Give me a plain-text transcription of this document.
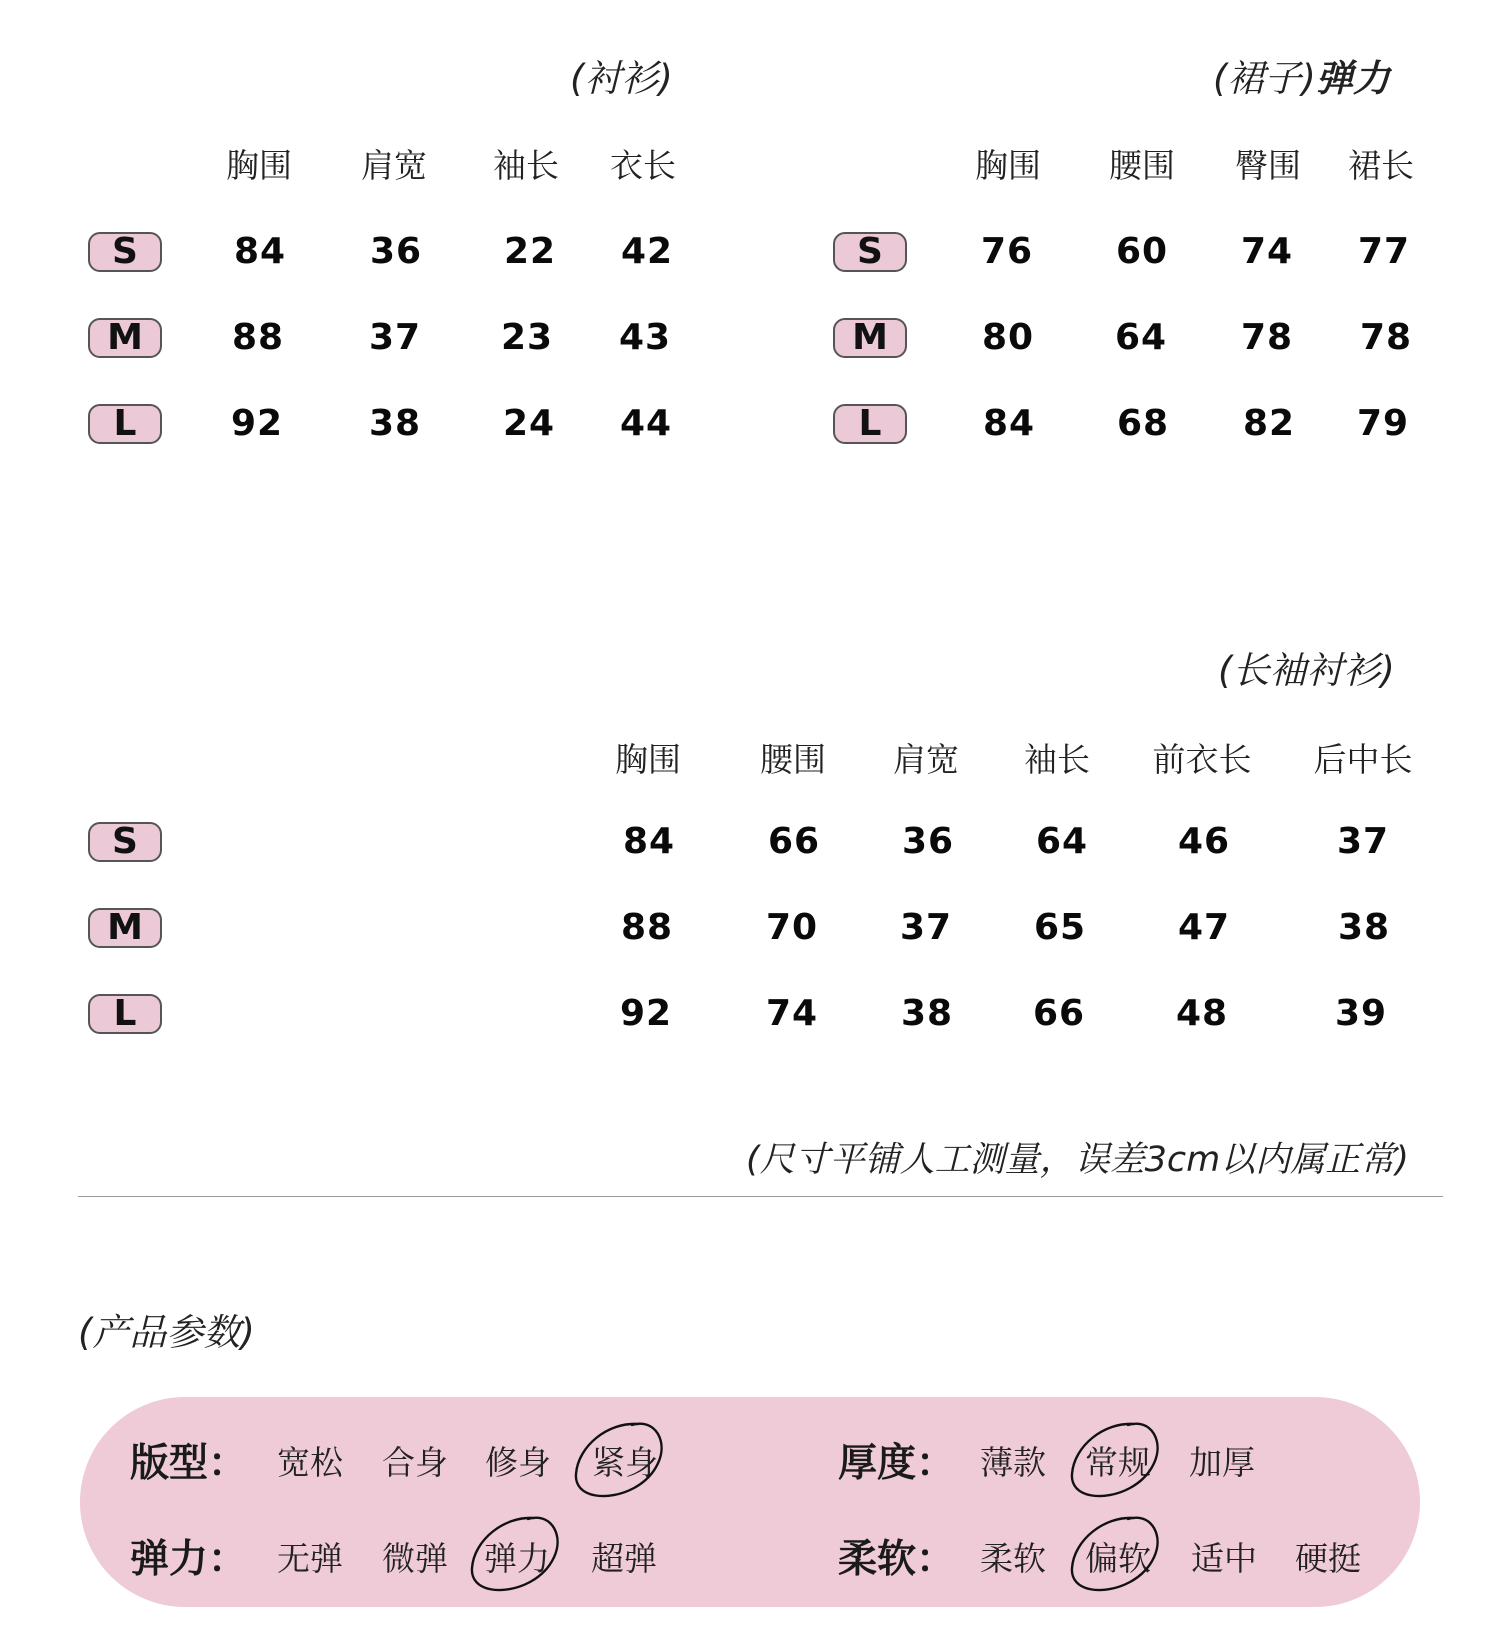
(衬衫)
胸围 肩宽 袖长 衣长
S	84 36 22 42
M	88 37 23 43
L	92 38 24 44
(裙子)弹力
胸围 腰围 臀围 裙长
S	76 60 74 77
M	80 64 78 78
L	84 68 82 79
(长袖衬衫)
胸围 腰围 肩宽 袖长 前衣长 后中长
S	84	66 36 64 46	37
M	88	70 37 65	47	38
L	92	74 38 66	48	39
(尺寸平铺人工测量，误差3cm以内属正常)
(产品参数)
版型： 宽松 合身 修身 紧身	厚度： 薄款 常规 加厚
弹力： 无弹 微弹 弹力 超弹	柔软： 柔软 偏软 适中 硬挺
